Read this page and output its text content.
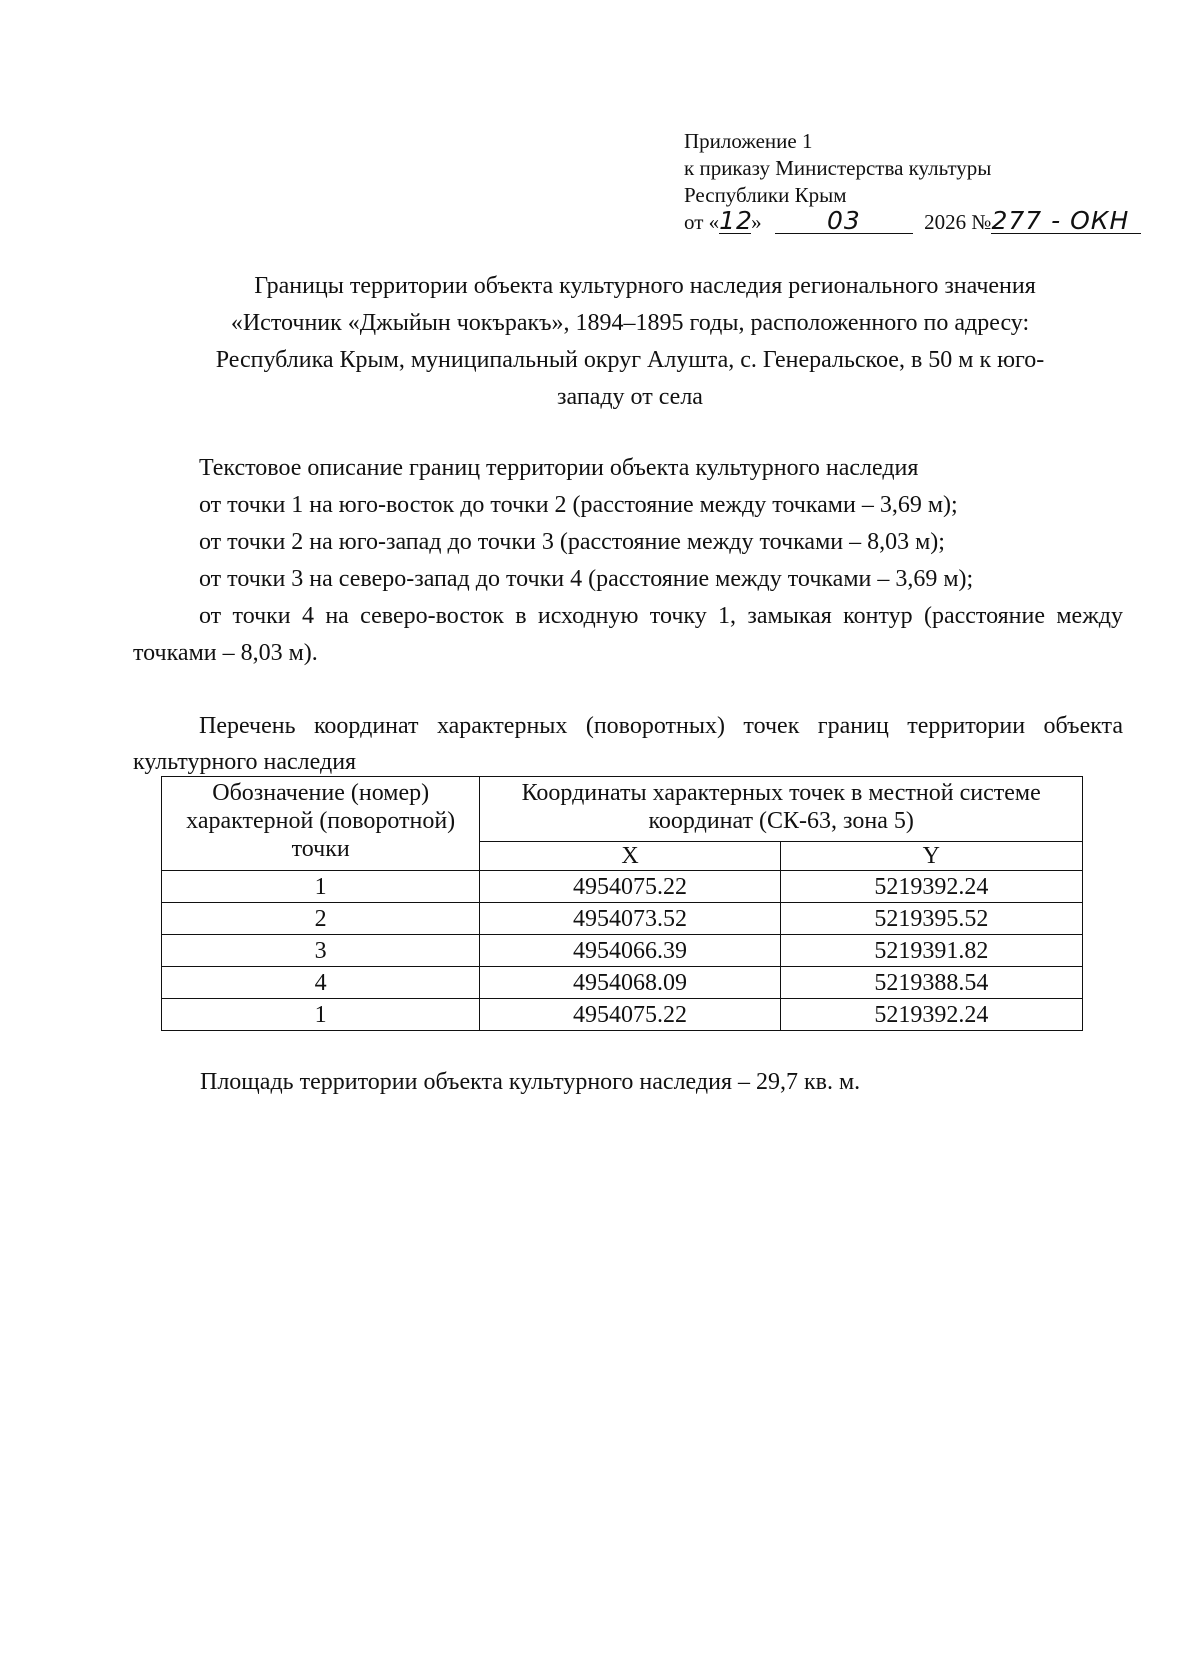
Приложение 1
к приказу Министерства культуры
Республики Крым
от «12»	03	2026 №277 - ОКН
Границы территории объекта культурного наследия регионального значения
«Источник «Джыйын чокъракъ», 1894–1895 годы, расположенного по адресу:
Республика Крым, муниципальный округ Алушта, с. Генеральское, в 50 м к юго-
западу от села

Текстовое описание границ территории объекта культурного наследия

от точки 1 на юго-восток до точки 2 (расстояние между точками – 3,69 м);

от точки 2 на юго-запад до точки 3 (расстояние между точками – 8,03 м);

от точки 3 на северо-запад до точки 4 (расстояние между точками – 3,69 м);

от точки 4 на северо-восток в исходную точку 1, замыкая контур (расстояние между точками – 8,03 м).

Перечень координат характерных (поворотных) точек границ территории объекта культурного наследия
Обозначение (номер) характерной (поворотной) точки	Координаты характерных точек в местной системе координат (СК-63, зона 5)	
	X	Y
1	4954075.22	5219392.24
2	4954073.52	5219395.52
3	4954066.39	5219391.82
4	4954068.09	5219388.54
1	4954075.22	5219392.24
Площадь территории объекта культурного наследия – 29,7 кв. м.
